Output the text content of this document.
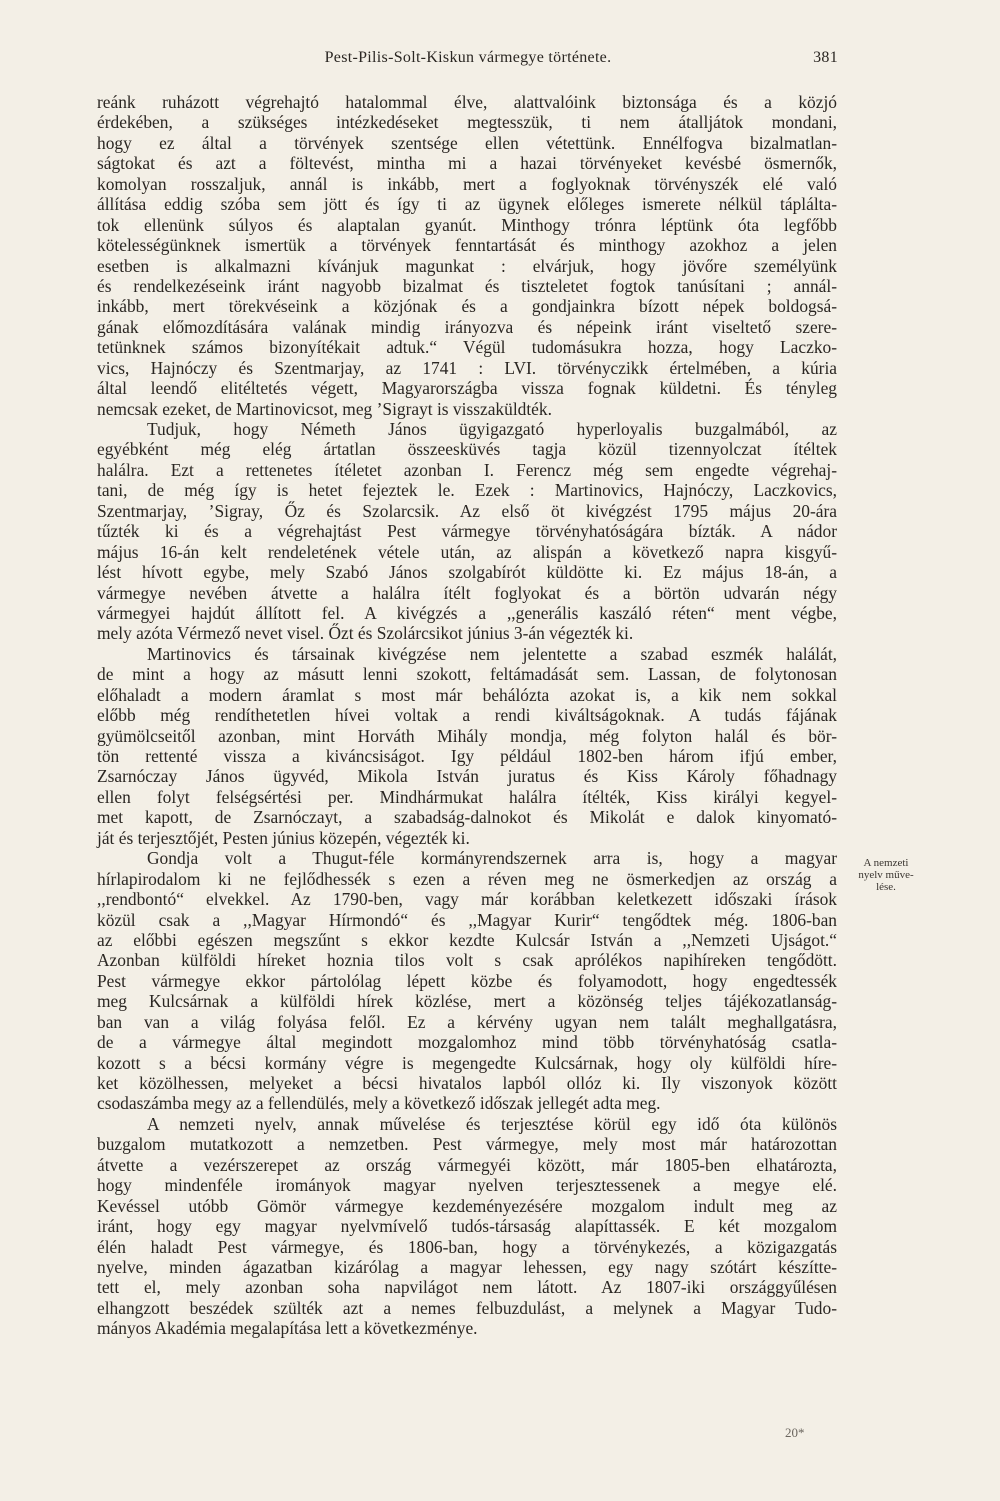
Pest-Pilis-Solt-Kiskun vármegye története.	381
reánk ruházott végrehajtó hatalommal élve, alattvalóink biztonsága és a közjó
érdekében, a szükséges intézkedéseket megtesszük, ti nem átalljátok mondani,
hogy ez által a törvények szentsége ellen vétettünk. Ennélfogva bizalmatlan-
ságtokat és azt a föltevést, mintha mi a hazai törvényeket kevésbé ösmernők,
komolyan rosszaljuk, annál is inkább, mert a foglyoknak törvényszék elé való
állítása eddig szóba sem jött és így ti az ügynek előleges ismerete nélkül tápláltа-
tok ellenünk súlyos és alaptalan gyanút. Minthogy trónra léptünk óta legfőbb
kötelességünknek ismertük a törvények fenntartását és minthogy azokhoz a jelen
esetben is alkalmazni kívánjuk magunkat : elvárjuk, hogy jövőre személyünk
és rendelkezéseink iránt nagyobb bizalmat és tiszteletet fogtok tanúsítani ; annál-
inkább, mert törekvéseink a közjónak és a gondjainkra bízott népek boldogsá-
gának előmozdítására valának mindig irányozva és népeink iránt viseltető szere-
tetünknek számos bizonyítékait adtuk.“ Végül tudomásukra hozza, hogy Laczko-
vics, Hajnóczy és Szentmarjay, az 1741 : LVI. törvényczikk értelmében, a kúria
által leendő elitéltetés végett, Magyarországba vissza fognak küldetni. És tényleg
nemcsak ezeket, de Martinovicsot, meg ’Sigrayt is visszaküldték.
Tudjuk, hogy Németh János ügyigazgató hyperloyalis buzgalmából, az
egyébként még elég ártatlan összeesküvés tagja közül tizennyolczat ítéltek
halálra. Ezt a rettenetes ítéletet azonban I. Ferencz még sem engedte végrehaj-
tani, de még így is hetet fejeztek le. Ezek : Martinovics, Hajnóczy, Laczkovics,
Szentmarjay, ’Sigray, Őz és Szolarcsik. Az első öt kivégzést 1795 május 20-ára
tűzték ki és a végrehajtást Pest vármegye törvényhatóságára bízták. A nádor
május 16-án kelt rendeletének vétele után, az alispán a következő napra kisgyű-
lést hívott egybe, mely Szabó János szolgabírót küldötte ki. Ez május 18-án, a
vármegye nevében átvette a halálra ítélt foglyokat és a börtön udvarán négy
vármegyei hajdút állított fel. A kivégzés a ,,generális kaszáló réten“ ment végbe,
mely azóta Vérmező nevet visel. Őzt és Szolárcsikot június 3-án végezték ki.
Martinovics és társainak kivégzése nem jelentette a szabad eszmék halálát,
de mint a hogy az másutt lenni szokott, feltámadását sem. Lassan, de folytonosan
előhaladt a modern áramlat s most már behálózta azokat is, a kik nem sokkal
előbb még rendíthetetlen hívei voltak a rendi kiváltságoknak. A tudás fájának
gyümölcseitől azonban, mint Horváth Mihály mondja, még folyton halál és bör-
tön rettenté vissza a kiváncsiságot. Igy például 1802-ben három ifjú ember,
Zsarnóczay János ügyvéd, Mikola István juratus és Kiss Károly főhadnagy
ellen folyt felségsértési per. Mindhármukat halálra ítélték, Kiss királyi kegyel-
met kapott, de Zsarnóczayt, a szabadság-dalnokot és Mikolát e dalok kinyomató-
ját és terjesztőjét, Pesten június közepén, végezték ki.
Gondja volt a Thugut-féle kormányrendszernek arra is, hogy a magyar
hírlapirodalom ki ne fejlődhessék s ezen a réven meg ne ösmerkedjen az ország a
,,rendbontó“ elvekkel. Az 1790-ben, vagy már korábban keletkezett időszaki írások
közül csak a ,,Magyar Hírmondó“ és ,,Magyar Kurir“ tengődtek még. 1806-ban
az előbbi egészen megszűnt s ekkor kezdte Kulcsár István a ,,Nemzeti Ujságot.“
Azonban külföldi híreket hoznia tilos volt s csak aprólékos napihíreken tengődött.
Pest vármegye ekkor pártolólag lépett közbe és folyamodott, hogy engedtessék
meg Kulcsárnak a külföldi hírek közlése, mert a közönség teljes tájékozatlanság-
ban van a világ folyása felől. Ez a kérvény ugyan nem talált meghallgatásra,
de a vármegye által megindott mozgalomhoz mind több törvényhatóság csatla-
kozott s a bécsi kormány végre is megengedte Kulcsárnak, hogy oly külföldi híre-
ket közölhessen, melyeket a bécsi hivatalos lapból ollóz ki. Ily viszonyok között
csodaszámba megy az a fellendülés, mely a következő időszak jellegét adta meg.
A nemzeti nyelv, annak művelése és terjesztése körül egy idő óta különös
buzgalom mutatkozott a nemzetben. Pest vármegye, mely most már határozottan
átvette a vezérszerepet az ország vármegyéi között, már 1805-ben elhatározta,
hogy mindenféle irományok magyar nyelven terjesztessenek a megye elé.
Kevéssel utóbb Gömör vármegye kezdeményezésére mozgalom indult meg az
iránt, hogy egy magyar nyelvmívelő tudós-társaság alapíttassék. E két mozgalom
élén haladt Pest vármegye, és 1806-ban, hogy a törvénykezés, a közigazgatás
nyelve, minden ágazatban kizárólag a magyar lehessen, egy nagy szótárt készítte-
tett el, mely azonban soha napvilágot nem látott. Az 1807-iki országgyűlésen
elhangzott beszédek szülték azt a nemes felbuzdulást, a melynek a Magyar Tudo-
mányos Akadémia megalapítása lett a következménye.
A nemzeti
nyelv műve-
lése.
20*
